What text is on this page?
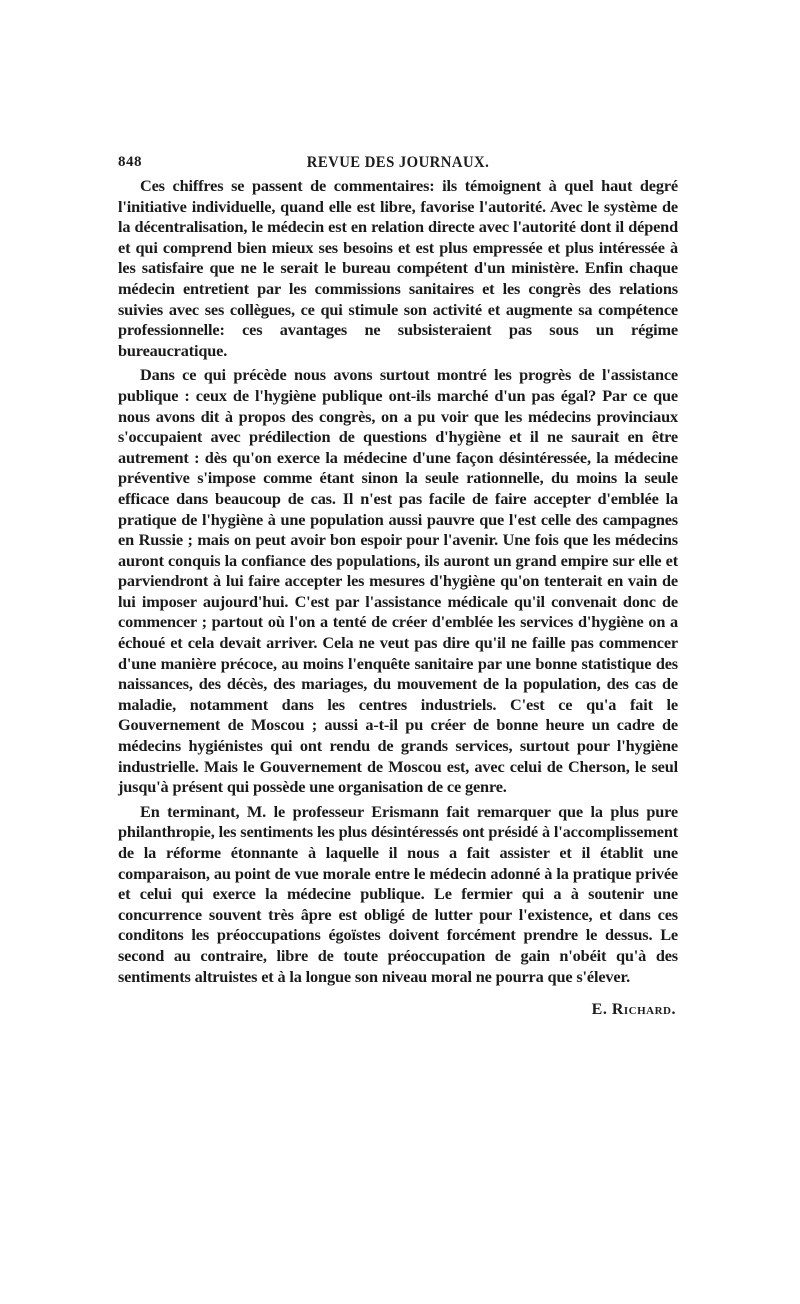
848	REVUE DES JOURNAUX.

Ces chiffres se passent de commentaires: ils témoignent à quel haut degré l'initiative individuelle, quand elle est libre, favorise l'autorité. Avec le système de la décentralisation, le médecin est en relation directe avec l'autorité dont il dépend et qui comprend bien mieux ses besoins et est plus empressée et plus intéressée à les satisfaire que ne le serait le bureau compétent d'un ministère. Enfin chaque médecin entretient par les commissions sanitaires et les congrès des relations suivies avec ses collègues, ce qui stimule son activité et augmente sa compétence professionnelle: ces avantages ne subsisteraient pas sous un régime bureaucratique.

Dans ce qui précède nous avons surtout montré les progrès de l'assistance publique : ceux de l'hygiène publique ont-ils marché d'un pas égal? Par ce que nous avons dit à propos des congrès, on a pu voir que les médecins provinciaux s'occupaient avec prédilection de questions d'hygiène et il ne saurait en être autrement : dès qu'on exerce la médecine d'une façon désintéressée, la médecine préventive s'impose comme étant sinon la seule rationnelle, du moins la seule efficace dans beaucoup de cas. Il n'est pas facile de faire accepter d'emblée la pratique de l'hygiène à une population aussi pauvre que l'est celle des campagnes en Russie ; mais on peut avoir bon espoir pour l'avenir. Une fois que les médecins auront conquis la confiance des populations, ils auront un grand empire sur elle et parviendront à lui faire accepter les mesures d'hygiène qu'on tenterait en vain de lui imposer aujourd'hui. C'est par l'assistance médicale qu'il convenait donc de commencer ; partout où l'on a tenté de créer d'emblée les services d'hygiène on a échoué et cela devait arriver. Cela ne veut pas dire qu'il ne faille pas commencer d'une manière précoce, au moins l'enquête sanitaire par une bonne statistique des naissances, des décès, des mariages, du mouvement de la population, des cas de maladie, notamment dans les centres industriels. C'est ce qu'a fait le Gouvernement de Moscou ; aussi a-t-il pu créer de bonne heure un cadre de médecins hygiénistes qui ont rendu de grands services, surtout pour l'hygiène industrielle. Mais le Gouvernement de Moscou est, avec celui de Cherson, le seul jusqu'à présent qui possède une organisation de ce genre.

En terminant, M. le professeur Erismann fait remarquer que la plus pure philanthropie, les sentiments les plus désintéressés ont présidé à l'accomplissement de la réforme étonnante à laquelle il nous a fait assister et il établit une comparaison, au point de vue morale entre le médecin adonné à la pratique privée et celui qui exerce la médecine publique. Le fermier qui a à soutenir une concurrence souvent très âpre est obligé de lutter pour l'existence, et dans ces conditons les préoccupations égoïstes doivent forcément prendre le dessus. Le second au contraire, libre de toute préoccupation de gain n'obéit qu'à des sentiments altruistes et à la longue son niveau moral ne pourra que s'élever.

E. Richard.
